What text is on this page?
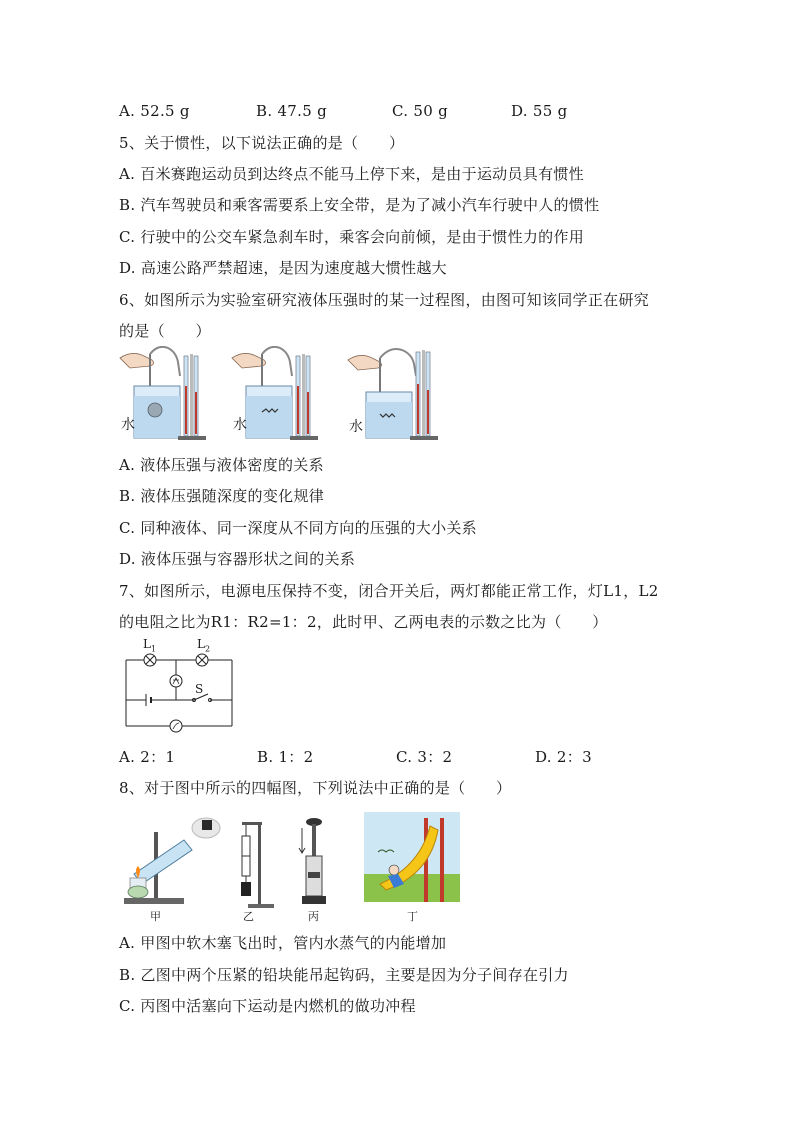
A. 52.5 g	B. 47.5 g	C. 50 g	D. 55 g
5、关于惯性，以下说法正确的是（　　）
A. 百米赛跑运动员到达终点不能马上停下来，是由于运动员具有惯性
B. 汽车驾驶员和乘客需要系上安全带，是为了减小汽车行驶中人的惯性
C. 行驶中的公交车紧急刹车时，乘客会向前倾，是由于惯性力的作用
D. 高速公路严禁超速，是因为速度越大惯性越大
6、如图所示为实验室研究液体压强时的某一过程图，由图可知该同学正在研究
的是（　　）
水	水	水
A. 液体压强与液体密度的关系
B. 液体压强随深度的变化规律
C. 同种液体、同一深度从不同方向的压强的大小关系
D. 液体压强与容器形状之间的关系
7、如图所示，电源电压保持不变，闭合开关后，两灯都能正常工作，灯L1，L2
的电阻之比为R1：R2=1：2，此时甲、乙两电表的示数之比为（　　）
$L_1$	$L_2$
S
A. 2：1	B. 1：2	C. 3：2	D. 2：3
8、对于图中所示的四幅图，下列说法中正确的是（　　）
甲	乙	丙	丁
A. 甲图中软木塞飞出时，管内水蒸气的内能增加
B. 乙图中两个压紧的铅块能吊起钩码，主要是因为分子间存在引力
C. 丙图中活塞向下运动是内燃机的做功冲程
